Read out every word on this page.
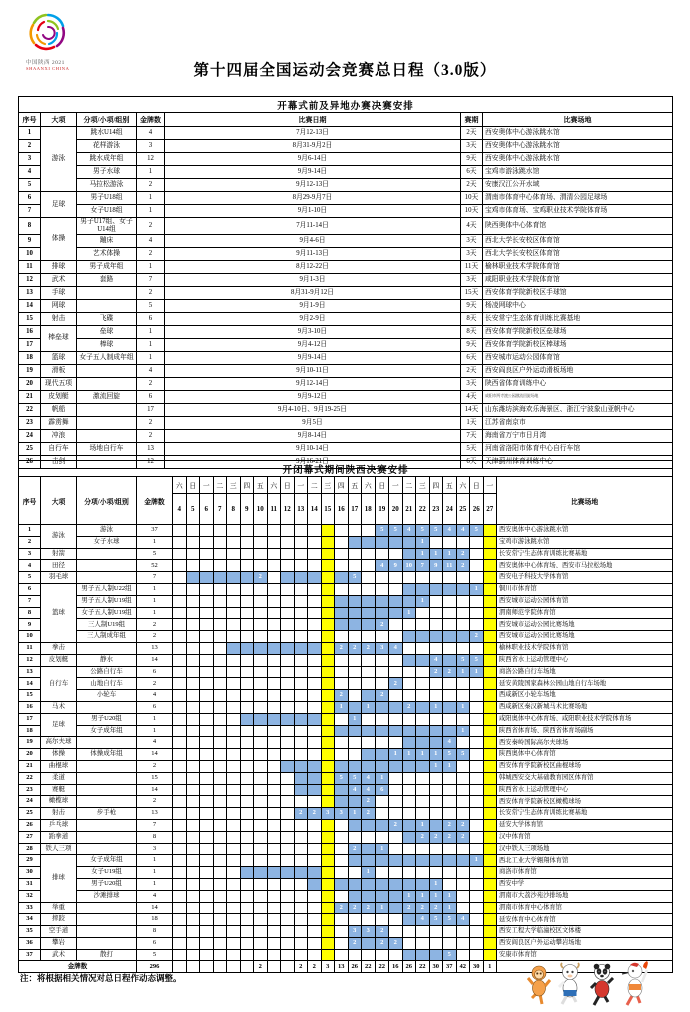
中国陕西 2021
SHAANXI CHINA	第十四届全国运动会竞赛总日程（3.0版）
开幕式前及异地办赛决赛安排						
序号	大项	分项/小项/组别	金牌数	比赛日期	赛期	比赛场地
1	游泳	跳水U14组	4	7月12-13日	2天	西安奥体中心游泳跳水馆
2		花样游泳	3	8月31-9月2日	3天	西安奥体中心游泳跳水馆
3		跳水成年组	12	9月6-14日	9天	西安奥体中心游泳跳水馆
4		男子水球	1	9月9-14日	6天	宝鸡市游泳跳水馆
5		马拉松游泳	2	9月12-13日	2天	安康汉江公开水域
6	足球	男子U18组	1	8月29-9月7日	10天	渭南市体育中心体育场、渭清公园足球场
7		女子U18组	1	9月1-10日	10天	宝鸡市体育场、宝鸡职业技术学院体育场
8	体操	男子U17组、女子U14组	2	7月11-14日	4天	陕西奥体中心体育馆
9		蹦床	4	9月4-6日	3天	西北大学长安校区体育馆
10		艺术体操	2	9月11-13日	3天	西北大学长安校区体育馆
11	排球	男子成年组	1	8月12-22日	11天	榆林职业技术学院体育馆
12	武术	套路	7	9月1-3日	3天	咸阳职业技术学院体育馆
13	手球		2	8月31-9月12日	15天	西安体育学院新校区手球馆
14	网球		5	9月1-9日	9天	杨凌网球中心
15	射击	飞碟	6	9月2-9日	8天	长安常宁生态体育训练比赛基地
16	棒垒球	垒球	1	9月3-10日	8天	西安体育学院新校区垒球场
17		棒球	1	9月4-12日	9天	西安体育学院新校区棒球场
18	篮球	女子五人制成年组	1	9月9-14日	6天	西安城市运动公园体育馆
19	滑板		4	9月10-11日	2天	西安阎良区户外运动滑板场地
20	现代五项		2	9月12-14日	3天	陕西省体育训练中心
21	皮划艇	激流回旋	6	9月9-12日	4天	咸阳市两寺渡公园激流回旋场地
22	帆船		17	9月4-10日、9月19-25日	14天	山东潍坊滨海欢乐海景区、浙江宁波象山亚帆中心
23	霹雳舞		2	9月5日	1天	江苏省南京市
24	冲浪		2	9月8-14日	7天	海南省万宁市日月湾
25	自行车	场地自行车	13	9月10-14日	5天	河南省洛阳市体育中心自行车馆
26	击剑		12	9月16-21日	6天	天津蓟州体育训练中心
开闭幕式期间陕西决赛安排																												
序号	大项	分项/小项/组别	金牌数	六	日	一	二	三	四	五	六	日	一	二	三	四	五	六	日	一	二	三	四	五	六	日	一	比赛场地
				4	5	6	7	8	9	10	11	12	13	14	15	16	17	18	19	20	21	22	23	24	25	26	27	
1	游泳	游泳	37																5	5	4	5	5	4	4	5		西安奥体中心游泳跳水馆
2		女子水球	1																			1						宝鸡市游泳跳水馆
3	射箭		5																			1	1	1	2			长安常宁生态体育训练比赛基地
4	田径		52																4	9	10	7	9	11	2			西安奥体中心体育场、西安市马拉松场地
5	羽毛球		7							2							5											西安电子科技大学体育馆
6	篮球	男子五人制U22组	1																							1		铜川市体育馆
7		男子五人制U19组	1																			1						西安城市运动公园体育馆
8		女子五人制U19组	1																		1							渭南师范学院体育馆
9		三人制U19组	2																2									西安城市运动公园比赛场地
10		三人制成年组	2																							2		西安城市运动公园比赛场地
11	拳击		13													2	2	2	3	4								榆林职业技术学院体育馆
12	皮划艇	静水	14																				4		5	5		陕西省水上运动管理中心
13	自行车	公路自行车	6																				2	2	1	1		商洛公路自行车场地
14		山地自行车	2																	2								延安黄陵国家森林公园山地自行车场地
15		小轮车	4													2			2									西咸新区小轮车场地
16	马术		6													1		1			2		1		1			西咸新区秦汉新城马术比赛场地
17	足球	男子U20组	1														1											咸阳奥体中心体育场、咸阳职业技术学院体育场
18		女子成年组	1																						1			陕西省体育场、陕西省体育场副场
19	高尔夫球		4																					4				西安秦岭国际高尔夫球场
20	体操	体操成年组	14																	1	1	1	1	5	5			陕西奥体中心体育馆
21	曲棍球		2																				1	1				西安体育学院新校区曲棍球场
22	柔道		15													5	5	4	1									韩城西安交大基础教育园区体育馆
23	赛艇		14														4	4	6									陕西省水上运动管理中心
24	橄榄球		2															2										西安体育学院新校区橄榄球场
25	射击	步手枪	13										2	2	3	3	1	2										长安常宁生态体育训练比赛基地
26	乒乓球		7																	2		1		2	2			延安大学体育馆
27	跆拳道		8																			2	2	2	2			汉中体育馆
28	铁人三项		3														2		1									汉中铁人三项场地
29	排球	女子成年组	1																							1		西北工业大学翱翔体育馆
30		女子U19组	1															1										商洛市体育馆
31		男子U20组	1																				1					西安中学
32		沙滩排球	4																		1	1	1	1				渭南市大荔沙苑沙排场地
33	举重		14													2	2	2	1		2	2	2	1				渭南市体育中心体育馆
34	摔跤		18																			4	5	5	4			延安体育中心体育馆
35	空手道		8														3	3	2									西安工程大学临潼校区文体楼
36	攀岩		6														2		2	2								西安阎良区户外运动攀岩场地
37	武术	散打	5																					5				安康市体育馆
金牌数			296							2			2	2	3	13	26	22	22	16	26	22	30	37	42	30	1	
注：将根据相关情况对总日程作动态调整。
